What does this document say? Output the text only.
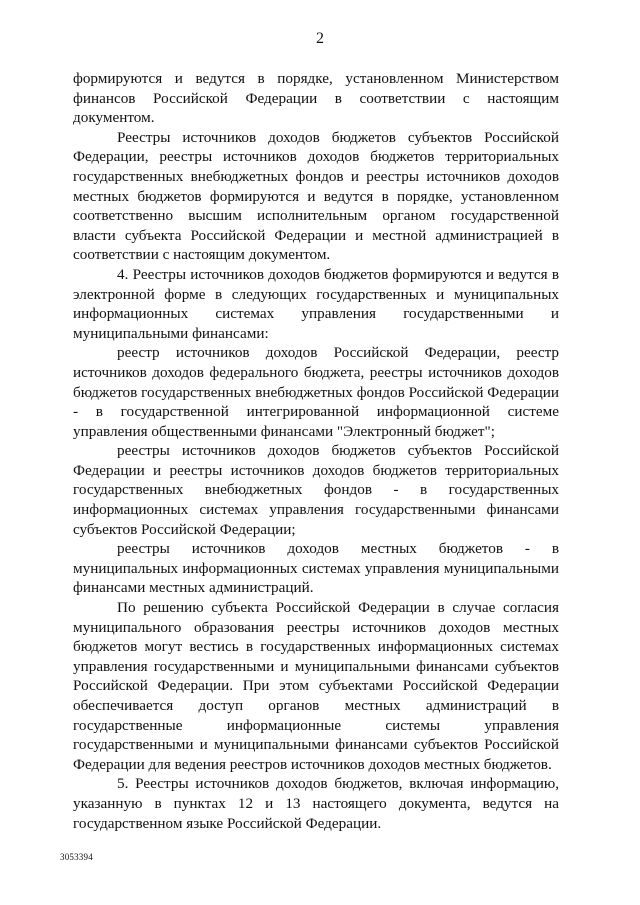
2

формируются и ведутся в порядке, установленном Министерством финансов Российской Федерации в соответствии с настоящим документом.

Реестры источников доходов бюджетов субъектов Российской Федерации, реестры источников доходов бюджетов территориальных государственных внебюджетных фондов и реестры источников доходов местных бюджетов формируются и ведутся в порядке, установленном соответственно высшим исполнительным органом государственной власти субъекта Российской Федерации и местной администрацией в соответствии с настоящим документом.

4. Реестры источников доходов бюджетов формируются и ведутся в электронной форме в следующих государственных и муниципальных информационных системах управления государственными и муниципальными финансами:

реестр источников доходов Российской Федерации, реестр источников доходов федерального бюджета, реестры источников доходов бюджетов государственных внебюджетных фондов Российской Федерации - в государственной интегрированной информационной системе управления общественными финансами "Электронный бюджет";

реестры источников доходов бюджетов субъектов Российской Федерации и реестры источников доходов бюджетов территориальных государственных внебюджетных фондов - в государственных информационных системах управления государственными финансами субъектов Российской Федерации;

реестры источников доходов местных бюджетов - в муниципальных информационных системах управления муниципальными финансами местных администраций.

По решению субъекта Российской Федерации в случае согласия муниципального образования реестры источников доходов местных бюджетов могут вестись в государственных информационных системах управления государственными и муниципальными финансами субъектов Российской Федерации. При этом субъектами Российской Федерации обеспечивается доступ органов местных администраций в государственные информационные системы управления государственными и муниципальными финансами субъектов Российской Федерации для ведения реестров источников доходов местных бюджетов.

5. Реестры источников доходов бюджетов, включая информацию, указанную в пунктах 12 и 13 настоящего документа, ведутся на государственном языке Российской Федерации.

3053394
